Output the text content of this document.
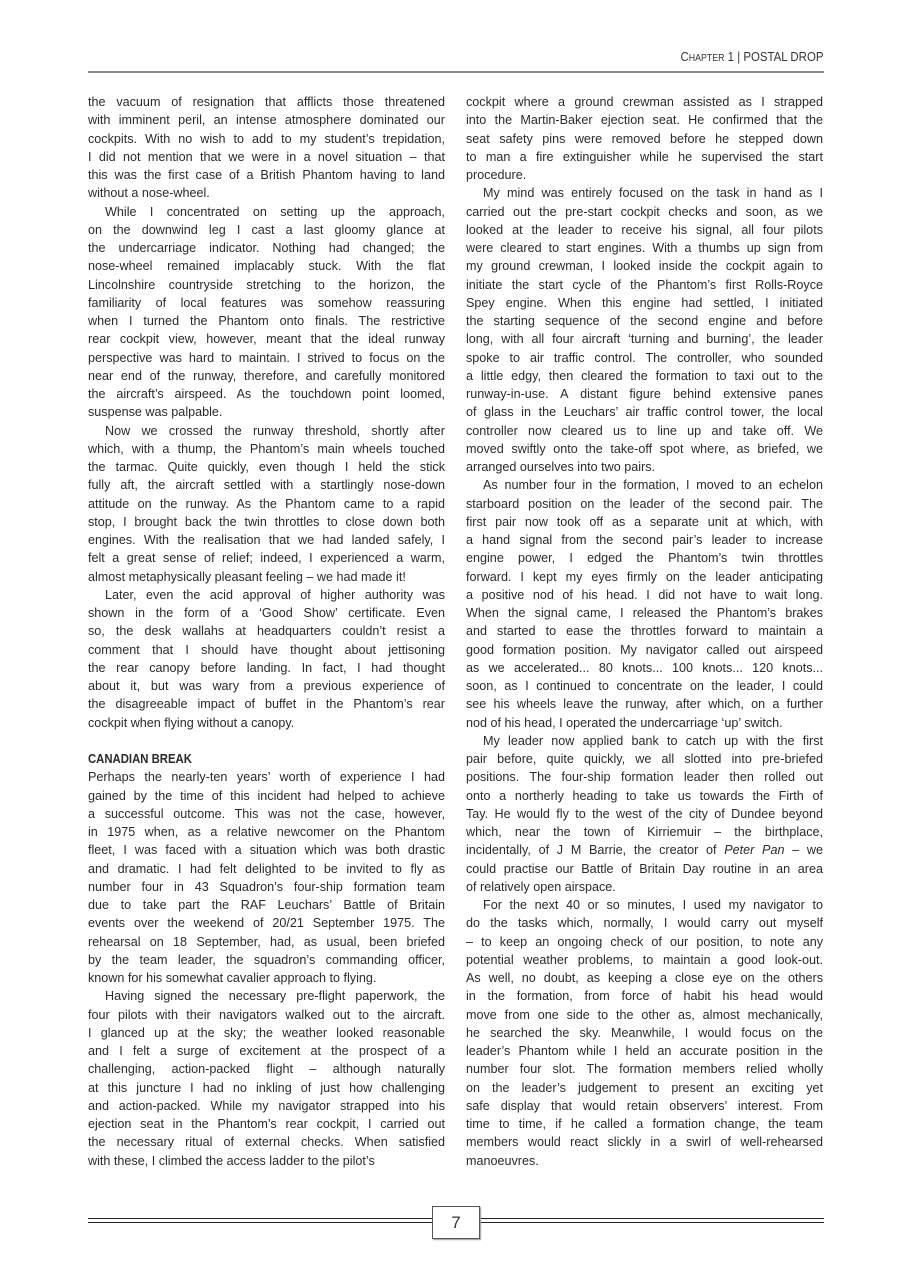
CHAPTER 1 | POSTAL DROP
the vacuum of resignation that afflicts those threatened
with imminent peril, an intense atmosphere dominated our
cockpits. With no wish to add to my student’s trepidation,
I did not mention that we were in a novel situation – that
this was the first case of a British Phantom having to land
without a nose-wheel.
While I concentrated on setting up the approach,
on the downwind leg I cast a last gloomy glance at
the undercarriage indicator. Nothing had changed; the
nose-wheel remained implacably stuck. With the flat
Lincolnshire countryside stretching to the horizon, the
familiarity of local features was somehow reassuring
when I turned the Phantom onto finals. The restrictive
rear cockpit view, however, meant that the ideal runway
perspective was hard to maintain. I strived to focus on the
near end of the runway, therefore, and carefully monitored
the aircraft’s airspeed. As the touchdown point loomed,
suspense was palpable.
Now we crossed the runway threshold, shortly after
which, with a thump, the Phantom’s main wheels touched
the tarmac. Quite quickly, even though I held the stick
fully aft, the aircraft settled with a startlingly nose-down
attitude on the runway. As the Phantom came to a rapid
stop, I brought back the twin throttles to close down both
engines. With the realisation that we had landed safely, I
felt a great sense of relief; indeed, I experienced a warm,
almost metaphysically pleasant feeling – we had made it!
Later, even the acid approval of higher authority was
shown in the form of a ‘Good Show’ certificate. Even
so, the desk wallahs at headquarters couldn’t resist a
comment that I should have thought about jettisoning
the rear canopy before landing. In fact, I had thought
about it, but was wary from a previous experience of
the disagreeable impact of buffet in the Phantom’s rear
cockpit when flying without a canopy.
CANADIAN BREAK
Perhaps the nearly-ten years’ worth of experience I had
gained by the time of this incident had helped to achieve
a successful outcome. This was not the case, however,
in 1975 when, as a relative newcomer on the Phantom
fleet, I was faced with a situation which was both drastic
and dramatic. I had felt delighted to be invited to fly as
number four in 43 Squadron’s four-ship formation team
due to take part the RAF Leuchars’ Battle of Britain
events over the weekend of 20/21 September 1975. The
rehearsal on 18 September, had, as usual, been briefed
by the team leader, the squadron’s commanding officer,
known for his somewhat cavalier approach to flying.
Having signed the necessary pre-flight paperwork, the
four pilots with their navigators walked out to the aircraft.
I glanced up at the sky; the weather looked reasonable
and I felt a surge of excitement at the prospect of a
challenging, action-packed flight – although naturally
at this juncture I had no inkling of just how challenging
and action-packed. While my navigator strapped into his
ejection seat in the Phantom’s rear cockpit, I carried out
the necessary ritual of external checks. When satisfied
with these, I climbed the access ladder to the pilot’s
cockpit where a ground crewman assisted as I strapped
into the Martin-Baker ejection seat. He confirmed that the
seat safety pins were removed before he stepped down
to man a fire extinguisher while he supervised the start
procedure.
My mind was entirely focused on the task in hand as I
carried out the pre-start cockpit checks and soon, as we
looked at the leader to receive his signal, all four pilots
were cleared to start engines. With a thumbs up sign from
my ground crewman, I looked inside the cockpit again to
initiate the start cycle of the Phantom’s first Rolls-Royce
Spey engine. When this engine had settled, I initiated
the starting sequence of the second engine and before
long, with all four aircraft ‘turning and burning’, the leader
spoke to air traffic control. The controller, who sounded
a little edgy, then cleared the formation to taxi out to the
runway-in-use. A distant figure behind extensive panes
of glass in the Leuchars’ air traffic control tower, the local
controller now cleared us to line up and take off. We
moved swiftly onto the take-off spot where, as briefed, we
arranged ourselves into two pairs.
As number four in the formation, I moved to an echelon
starboard position on the leader of the second pair. The
first pair now took off as a separate unit at which, with
a hand signal from the second pair’s leader to increase
engine power, I edged the Phantom’s twin throttles
forward. I kept my eyes firmly on the leader anticipating
a positive nod of his head. I did not have to wait long.
When the signal came, I released the Phantom’s brakes
and started to ease the throttles forward to maintain a
good formation position. My navigator called out airspeed
as we accelerated... 80 knots... 100 knots... 120 knots...
soon, as I continued to concentrate on the leader, I could
see his wheels leave the runway, after which, on a further
nod of his head, I operated the undercarriage ‘up’ switch.
My leader now applied bank to catch up with the first
pair before, quite quickly, we all slotted into pre-briefed
positions. The four-ship formation leader then rolled out
onto a northerly heading to take us towards the Firth of
Tay. He would fly to the west of the city of Dundee beyond
which, near the town of Kirriemuir – the birthplace,
incidentally, of J M Barrie, the creator of Peter Pan – we
could practise our Battle of Britain Day routine in an area
of relatively open airspace.
For the next 40 or so minutes, I used my navigator to
do the tasks which, normally, I would carry out myself
– to keep an ongoing check of our position, to note any
potential weather problems, to maintain a good look-out.
As well, no doubt, as keeping a close eye on the others
in the formation, from force of habit his head would
move from one side to the other as, almost mechanically,
he searched the sky. Meanwhile, I would focus on the
leader’s Phantom while I held an accurate position in the
number four slot. The formation members relied wholly
on the leader’s judgement to present an exciting yet
safe display that would retain observers’ interest. From
time to time, if he called a formation change, the team
members would react slickly in a swirl of well-rehearsed
manoeuvres.
7
